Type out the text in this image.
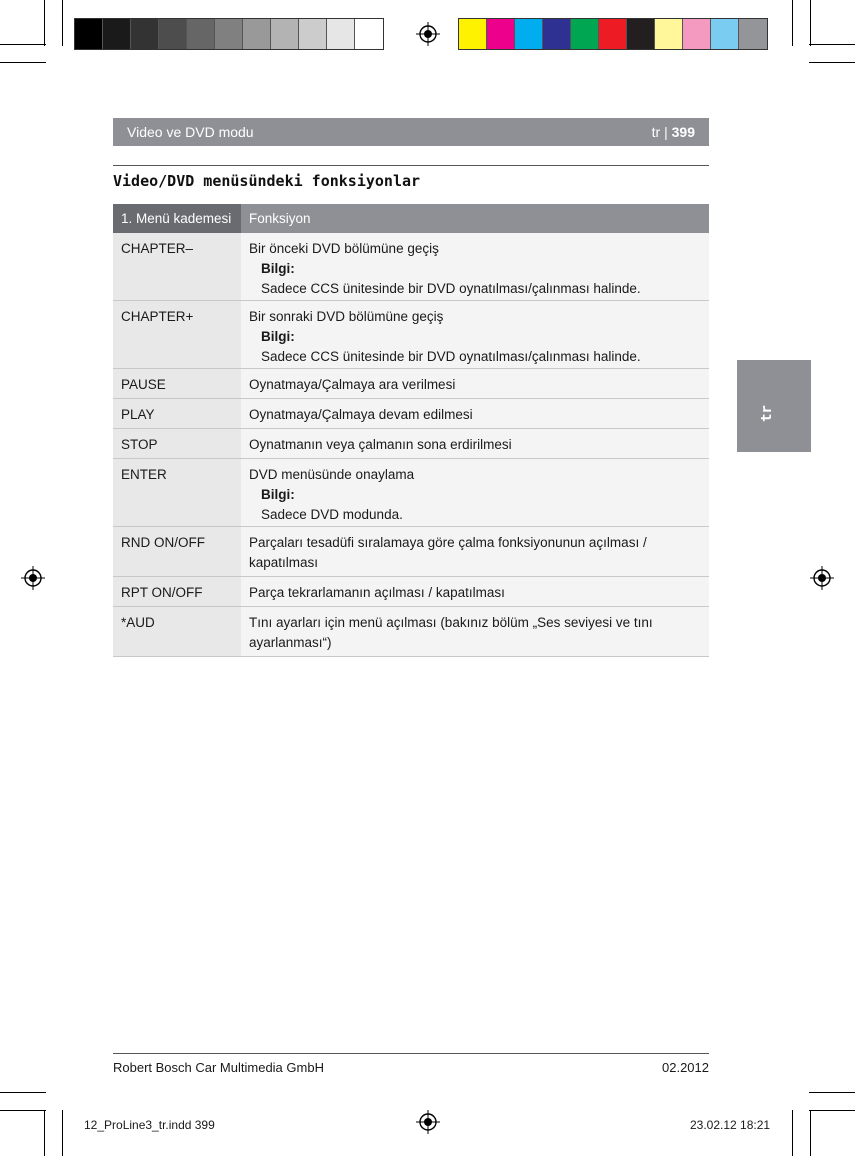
Video ve DVD modu	tr | 399
Video/DVD menüsündeki fonksiyonlar
1. Menü kademesi	Fonksiyon
CHAPTER–	Bir önceki DVD bölümüne geçiş
Bilgi:
Sadece CCS ünitesinde bir DVD oynatılması/çalınması halinde.
CHAPTER+	Bir sonraki DVD bölümüne geçiş
Bilgi:
Sadece CCS ünitesinde bir DVD oynatılması/çalınması halinde.
PAUSE	Oynatmaya/Çalmaya ara verilmesi
PLAY	Oynatmaya/Çalmaya devam edilmesi
STOP	Oynatmanın veya çalmanın sona erdirilmesi
ENTER	DVD menüsünde onaylama
Bilgi:
Sadece DVD modunda.
RND ON/OFF	Parçaları tesadüfi sıralamaya göre çalma fonksiyonunun açılması / kapatılması
RPT ON/OFF	Parça tekrarlamanın açılması / kapatılması
*AUD	Tını ayarları için menü açılması (bakınız bölüm „Ses seviyesi ve tını ayarlanması“)
tr
Robert Bosch Car Multimedia GmbH	02.2012
12_ProLine3_tr.indd 399	23.02.12 18:21
